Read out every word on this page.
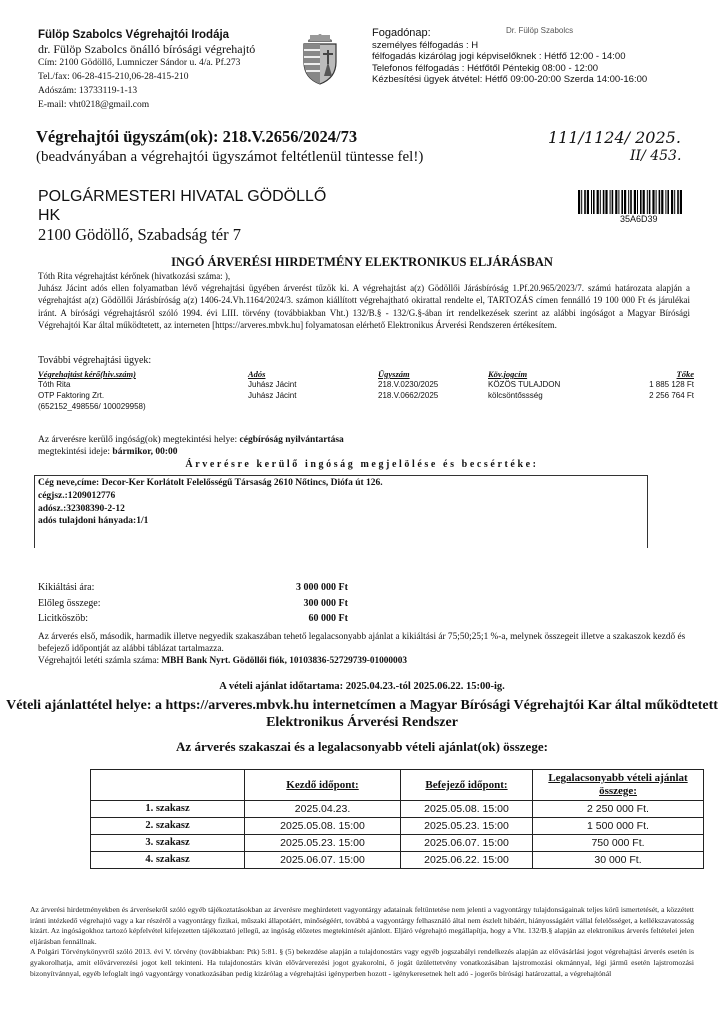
Fülöp Szabolcs Végrehajtói Irodája
dr. Fülöp Szabolcs önálló bírósági végrehajtó
Cím: 2100 Gödöllő, Lumniczer Sándor u. 4/a. Pf.273
Tel./fax: 06-28-415-210,06-28-415-210
Adószám: 13733119-1-13
E-mail: vht0218@gmail.com
Fogadónap:
személyes félfogadás : H
félfogadás kizárólag jogi képviselőknek : Hétfő 12:00 - 14:00
Telefonos félfogadás : Hétfőtől Péntekig 08:00 - 12:00
Kézbesítési ügyek átvétel: Hétfő 09:00-20:00 Szerda 14:00-16:00
Dr. Fülöp Szabolcs
Végrehajtói ügyszám(ok): 218.V.2656/2024/73
(beadványában a végrehajtói ügyszámot feltétlenül tüntesse fel!)
111/1124/ 2025.
II/ 453.
POLGÁRMESTERI HIVATAL GÖDÖLLŐ
HK
2100 Gödöllő, Szabadság tér 7
35A6D39
INGÓ ÁRVERÉSI HIRDETMÉNY ELEKTRONIKUS ELJÁRÁSBAN
Tóth Rita végrehajtást kérőnek (hivatkozási száma: ),
Juhász Jácint adós ellen folyamatban lévő végrehajtási ügyében árverést tűzök ki. A végrehajtást a(z) Gödöllői Járásbíróság 1.Pf.20.965/2023/7. számú határozata alapján a végrehajtást a(z) Gödöllői Járásbíróság a(z) 1406-24.Vh.1164/2024/3. számon kiállított végrehajtható okirattal rendelte el, TARTOZÁS címen fennálló 19 100 000 Ft és járulékai iránt. A bírósági végrehajtásról szóló 1994. évi LIII. törvény (továbbiakban Vht.) 132/B.§ - 132/G.§-ában írt rendelkezések szerint az alábbi ingóságot a Magyar Bírósági Végrehajtói Kar által működtetett, az interneten [https://arveres.mbvk.hu] folyamatosan elérhető Elektronikus Árverési Rendszeren értékesítem.
További végrehajtási ügyek:
Végrehajtást kérő(hiv.szám)	Adós	Ügyszám	Köv.jogcím	Tőke
Tóth Rita	Juhász Jácint	218.V.0230/2025	KÖZÖS TULAJDON	1 885 128 Ft
OTP Faktoring Zrt.	Juhász Jácint	218.V.0662/2025	kölcsöntőssség	2 256 764 Ft
(652152_498556/ 100029958)				
Az árverésre kerülő ingóság(ok) megtekintési helye: cégbíróság nyilvántartása
megtekintési ideje: bármikor, 00:00
Árverésre kerülő ingóság megjelölése és becsértéke:
Cég neve,címe: Decor-Ker Korlátolt Felelősségű Társaság 2610 Nőtincs, Diófa út 126.
cégjsz.:1209012776
adósz.:32308390-2-12
adós tulajdoni hányada:1/1
Kikiáltási ára:	3 000 000 Ft
Előleg összege:	300 000 Ft
Licitköszöb:	60 000 Ft
Az árverés első, második, harmadik illetve negyedik szakaszában tehető legalacsonyabb ajánlat a kikiáltási ár 75;50;25;1 %-a, melynek összegeit illetve a szakaszok kezdő és befejező időpontját az alábbi táblázat tartalmazza.
Végrehajtói letéti számla száma: MBH Bank Nyrt. Gödöllői fiók, 10103836-52729739-01000003
A vételi ajánlat időtartama: 2025.04.23.-tól 2025.06.22. 15:00-ig.
Vételi ajánlattétel helye: a https://arveres.mbvk.hu internetcímen a Magyar Bírósági Végrehajtói Kar által működtetett Elektronikus Árverési Rendszer
Az árverés szakaszai és a legalacsonyabb vételi ajánlat(ok) összege:
	Kezdő időpont:	Befejező időpont:	Legalacsonyabb vételi ajánlat összege:
1. szakasz	2025.04.23.	2025.05.08. 15:00	2 250 000 Ft.
2. szakasz	2025.05.08. 15:00	2025.05.23. 15:00	1 500 000 Ft.
3. szakasz	2025.05.23. 15:00	2025.06.07. 15:00	750 000 Ft.
4. szakasz	2025.06.07. 15:00	2025.06.22. 15:00	30 000 Ft.
Az árverési hirdetményekben és árverésekről szóló egyéb tájékoztatásokban az árverésre meghirdetett vagyontárgy adatainak feltüntetése nem jelenti a vagyontárgy tulajdonságainak teljes körű ismertetését, a közzétett iránti intézkedő végrehajtó vagy a kar részéről a vagyontárgy fizikai, műszaki állapotáért, minőségéért, továbbá a vagyontárgy felhasználó által nem észlelt hibáért, hiányosságáért vállal felelősséget, a kellékszavatosság kizárt. Az ingóságokhoz tartozó képfelvétel kifejezetten tájékoztató jellegű, az ingóság előzetes megtekintését ajánlott. Eljáró végrehajtó megállapítja, hogy a Vht. 132/B.§ alapján az elektronikus árverés feltételei jelen eljárásban fennállnak.
A Polgári Törvénykönyvről szóló 2013. évi V. törvény (továbbiakban: Ptk) 5:81. § (5) bekezdése alapján a tulajdonostárs vagy egyéb jogszabályi rendelkezés alapján az elővásárlási jogot végrehajtási árverés esetén is gyakorolhatja, amit elővárverezési jogot kell tekinteni. Ha tulajdonostárs kíván elővárverezési jogot gyakorolni, ő jogát üzülettetvény vonatkozásában lajstromozási okmánnyal, légi jármű esetén lajstromozási bizonyítvánnyal, egyéb lefoglalt ingó vagyontárgy vonatkozásában pedig kizárólag a végrehajtási igényperben hozott - igénykeresetnek helt adó - jogerős bírósági határozattal, a végrehajtónál
